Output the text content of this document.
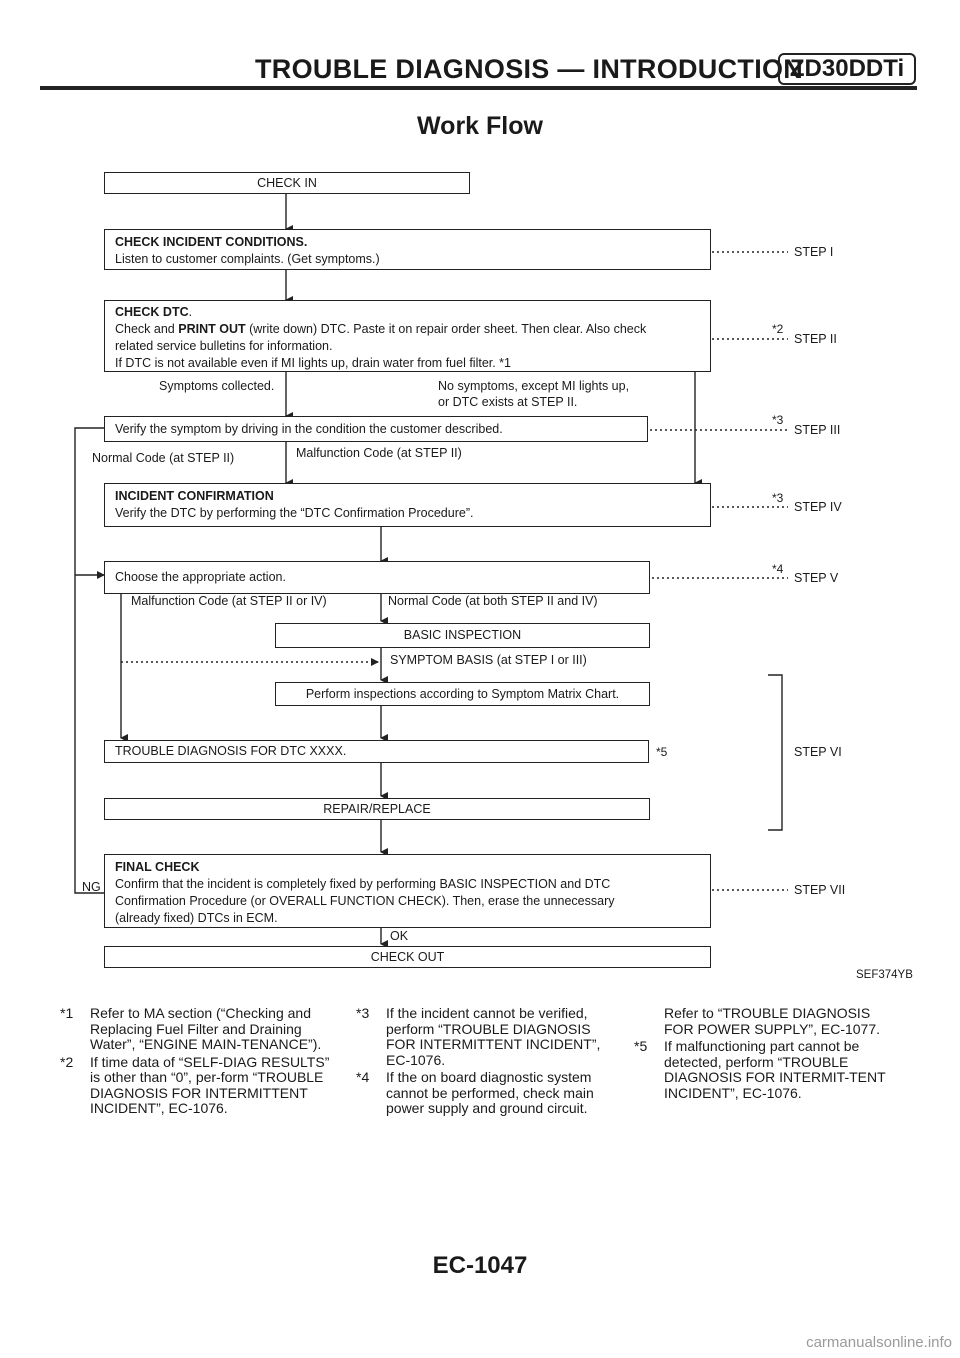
TROUBLE DIAGNOSIS — INTRODUCTION
ZD30DDTi
Work Flow
CHECK IN
CHECK INCIDENT CONDITIONS.
Listen to customer complaints. (Get symptoms.)
CHECK DTC.
Check and PRINT OUT (write down) DTC. Paste it on repair order sheet. Then clear. Also check
related service bulletins for information.
If DTC is not available even if MI lights up, drain water from fuel filter. *1
Symptoms collected.	No symptoms, except MI lights up,
or DTC exists at STEP II.
Verify the symptom by driving in the condition the customer described.
Normal Code (at STEP II)	Malfunction Code (at STEP II)
INCIDENT CONFIRMATION
Verify the DTC by performing the “DTC Confirmation Procedure”.
Choose the appropriate action.
Malfunction Code (at STEP II or IV)	Normal Code (at both STEP II and IV)
BASIC INSPECTION
SYMPTOM BASIS (at STEP I or III)
Perform inspections according to Symptom Matrix Chart.
TROUBLE DIAGNOSIS FOR DTC XXXX.
REPAIR/REPLACE
FINAL CHECK
Confirm that the incident is completely fixed by performing BASIC INSPECTION and DTC
Confirmation Procedure (or OVERALL FUNCTION CHECK). Then, erase the unnecessary
(already fixed) DTCs in ECM.
NG
OK
CHECK OUT
STEP I
STEP II
STEP III
STEP IV
STEP V
STEP VI
STEP VII
*2
*3
*3
*4
*5
SEF374YB
*1 Refer to MA section (“Checking and Replacing Fuel Filter and Draining Water”, “ENGINE MAIN-TENANCE”).
*2 If time data of “SELF-DIAG RESULTS” is other than “0”, per-form “TROUBLE DIAGNOSIS FOR INTERMITTENT INCIDENT”, EC-1076.
*3 If the incident cannot be verified, perform “TROUBLE DIAGNOSIS FOR INTERMITTENT INCIDENT”, EC-1076.
*4 If the on board diagnostic system cannot be performed, check main power supply and ground circuit.
Refer to “TROUBLE DIAGNOSIS FOR POWER SUPPLY”, EC-1077.
*5 If malfunctioning part cannot be detected, perform “TROUBLE DIAGNOSIS FOR INTERMIT-TENT INCIDENT”, EC-1076.
EC-1047
carmanualsonline.info
